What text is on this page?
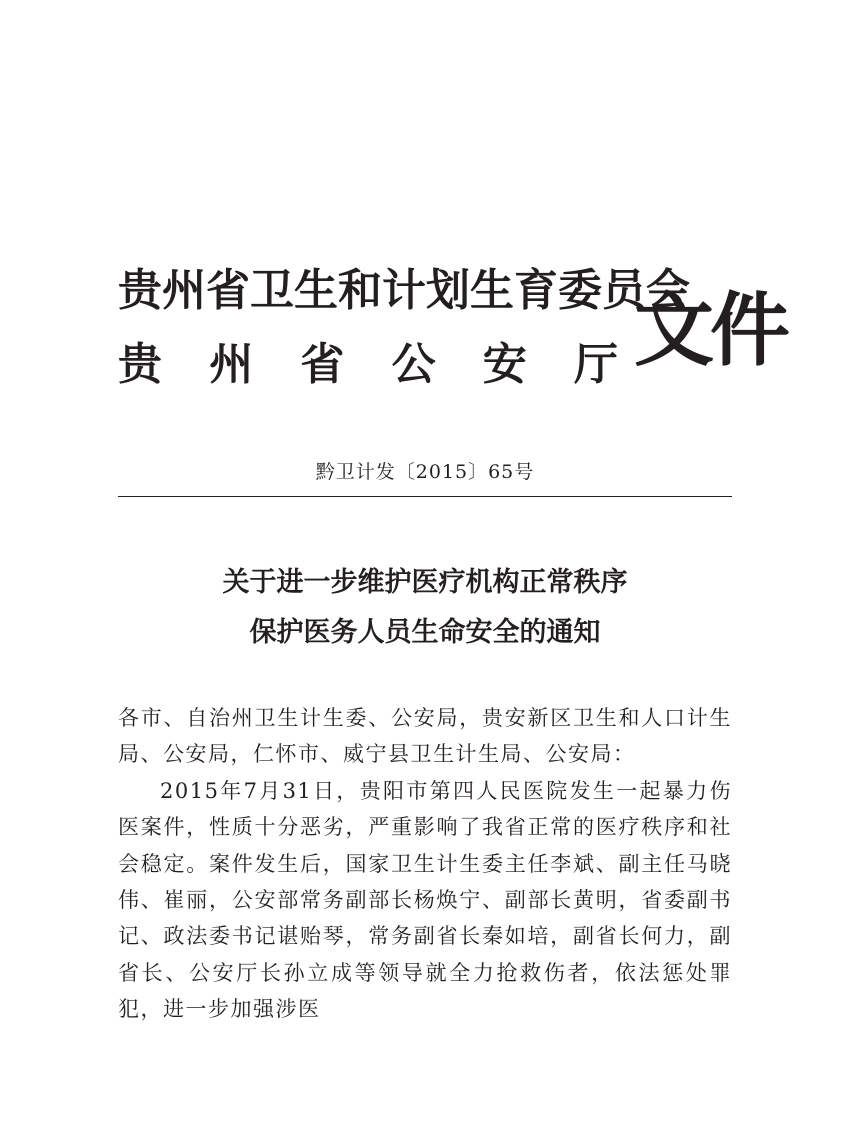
贵州省卫生和计划生育委员会
贵　州　省　公　安　厅 文件
黔卫计发〔2015〕65号
关于进一步维护医疗机构正常秩序
保护医务人员生命安全的通知

各市、自治州卫生计生委、公安局，贵安新区卫生和人口计生局、公安局，仁怀市、威宁县卫生计生局、公安局：

2015年7月31日，贵阳市第四人民医院发生一起暴力伤医案件，性质十分恶劣，严重影响了我省正常的医疗秩序和社会稳定。案件发生后，国家卫生计生委主任李斌、副主任马晓伟、崔丽，公安部常务副部长杨焕宁、副部长黄明，省委副书记、政法委书记谌贻琴，常务副省长秦如培，副省长何力，副省长、公安厅长孙立成等领导就全力抢救伤者，依法惩处罪犯，进一步加强涉医
